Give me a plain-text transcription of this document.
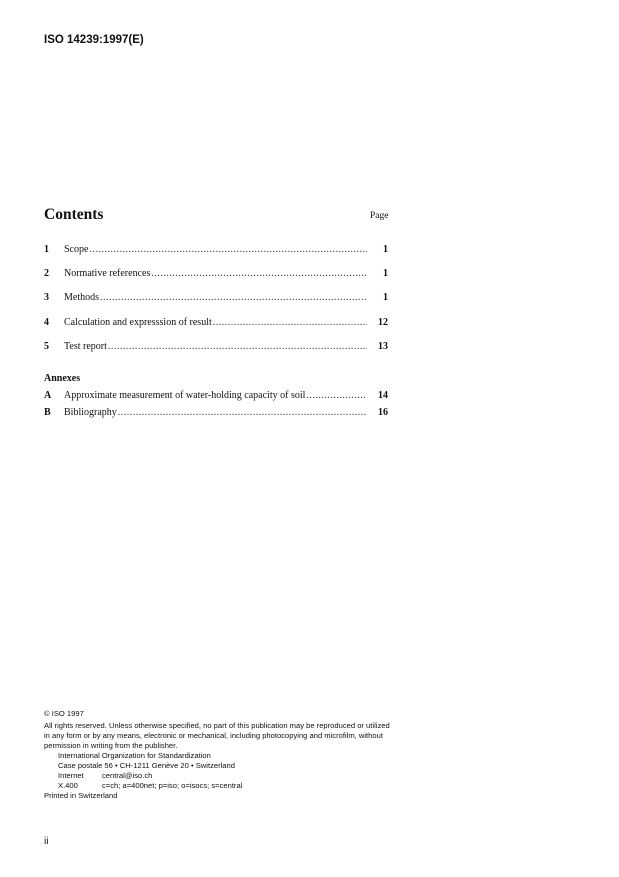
ISO 14239:1997(E)
Contents	Page
1	Scope .....	1
2	Normative references .....	1
3	Methods .....	1
4	Calculation and expresssion of result .....	12
5	Test report .....	13
Annexes
A	Approximate measurement of water-holding capacity of soil .....	14
B	Bibliography .....	16

© ISO 1997

All rights reserved. Unless otherwise specified, no part of this publication may be reproduced or utilized in any form or by any means, electronic or mechanical, including photocopying and microfilm, without permission in writing from the publisher.

International Organization for Standardization

Case postale 56 • CH-1211 Genève 20 • Switzerland

Internet	central@iso.ch
X.400	c=ch; a=400net; p=iso; o=isocs; s=central

Printed in Switzerland

ii
